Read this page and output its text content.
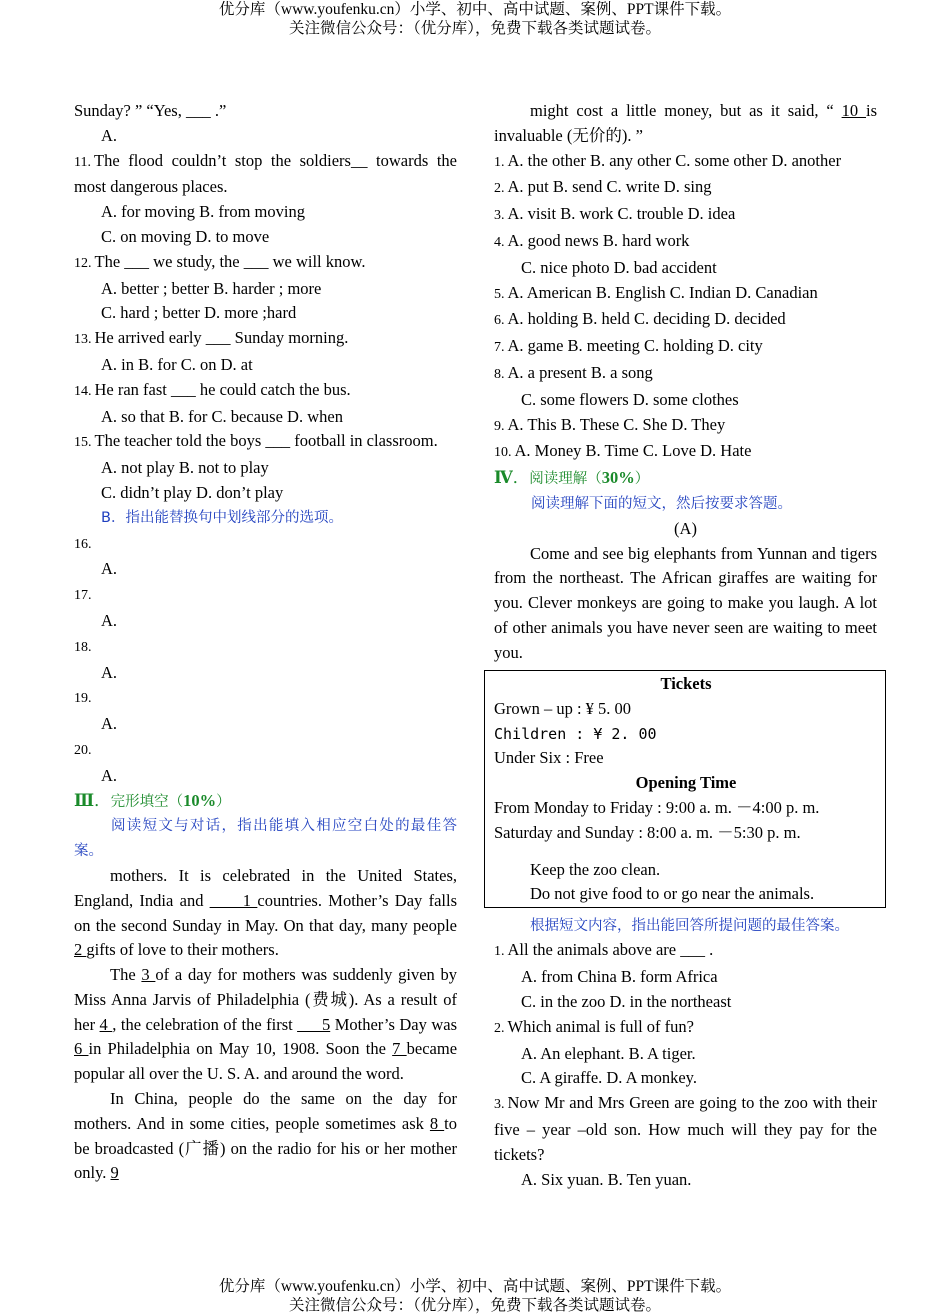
优分库（www.youfenku.cn）小学、初中、高中试题、案例、PPT课件下载。
关注微信公众号：（优分库），免费下载各类试题试卷。
Sunday? ” “Yes, ___ .”
A.
11. The flood couldn’t stop the soldiers__ towards the most dangerous places.
A. for moving B. from moving
C. on moving D. to move
12. The ___ we study, the ___ we will know.
A. better ; better B. harder ; more
C. hard ; better D. more ;hard
13. He arrived early ___ Sunday morning.
A. in B. for C. on D. at
14. He ran fast ___ he could catch the bus.
A. so that B. for C. because D. when
15. The teacher told the boys ___ football in classroom.
A. not play B. not to play
C. didn’t play D. don’t play
B．指出能替换句中划线部分的选项。
16.
A.
17.
A.
18.
A.
19.
A.
20.
A.
Ⅲ．完形填空（10%）
阅读短文与对话，指出能填入相应空白处的最佳答案。
mothers. It is celebrated in the United States, England, India and ____1 countries. Mother’s Day falls on the second Sunday in May. On that day, many people 2 gifts of love to their mothers.
The 3 of a day for mothers was suddenly given by Miss Anna Jarvis of Philadelphia (费城). As a result of her 4 , the celebration of the first ___5 Mother’s Day was 6 in Philadelphia on May 10, 1908. Soon the 7 became popular all over the U. S. A. and around the word.
In China, people do the same on the day for mothers. And in some cities, people sometimes ask 8 to be broadcasted (广播) on the radio for his or her mother only. 9
might cost a little money, but as it said, “ 10 is invaluable (无价的). ”
1. A. the other B. any other C. some other D. another
2. A. put B. send C. write D. sing
3. A. visit B. work C. trouble D. idea
4. A. good news B. hard work
C. nice photo D. bad accident
5. A. American B. English C. Indian D. Canadian
6. A. holding B. held C. deciding D. decided
7. A. game B. meeting C. holding D. city
8. A. a present B. a song
C. some flowers D. some clothes
9. A. This B. These C. She D. They
10. A. Money B. Time C. Love D. Hate
Ⅳ．阅读理解（30%）
阅读理解下面的短文，然后按要求答题。
(A)
Come and see big elephants from Yunnan and tigers from the northeast. The African giraffes are waiting for you. Clever monkeys are going to make you laugh. A lot of other animals you have never seen are waiting to meet you.
根据短文内容，指出能回答所提问题的最佳答案。
1. All the animals above are ___ .
A. from China B. form Africa
C. in the zoo D. in the northeast
2. Which animal is full of fun?
A. An elephant. B. A tiger.
C. A giraffe. D. A monkey.
3. Now Mr and Mrs Green are going to the zoo with their five – year –old son. How much will they pay for the tickets?
A. Six yuan. B. Ten yuan.
Tickets
Grown – up : ¥ 5. 00
Children : ¥ 2. 00
Under Six : Free
Opening Time
From Monday to Friday : 9:00 a. m. －4:00 p. m.
Saturday and Sunday : 8:00 a. m. －5:30 p. m.
Keep the zoo clean.
Do not give food to or go near the animals.
优分库（www.youfenku.cn）小学、初中、高中试题、案例、PPT课件下载。
关注微信公众号：（优分库），免费下载各类试题试卷。
